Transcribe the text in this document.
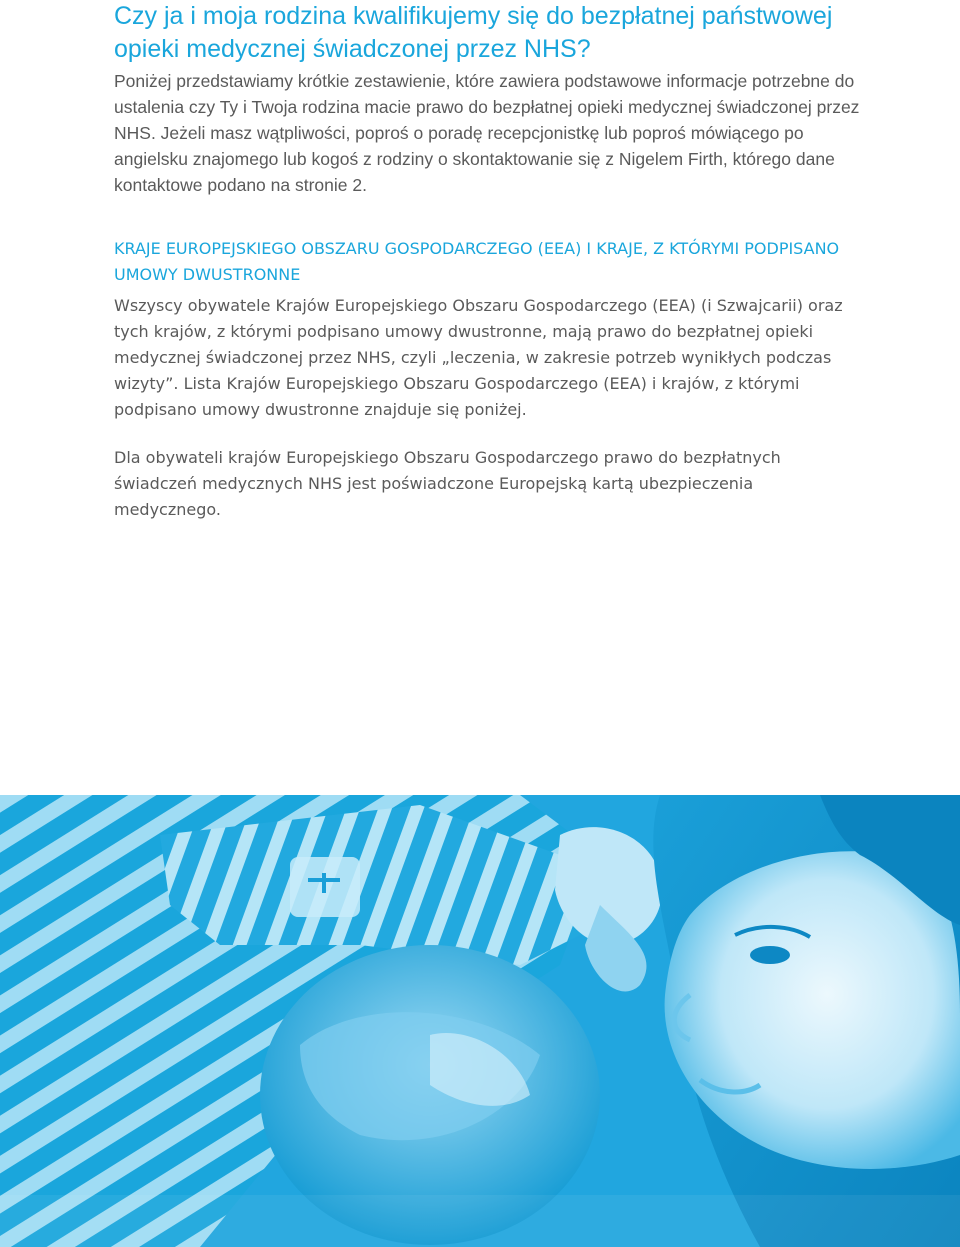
Czy ja i moja rodzina kwalifikujemy się do bezpłatnej państwowej opieki medycznej świadczonej przez NHS?

Poniżej przedstawiamy krótkie zestawienie, które zawiera podstawowe informacje potrzebne do ustalenia czy Ty i Twoja rodzina macie prawo do bezpłatnej opieki medycznej świadczonej przez NHS. Jeżeli masz wątpliwości, poproś o poradę recepcjonistkę lub poproś mówiącego po angielsku znajomego lub kogoś z rodziny o skontaktowanie się z Nigelem Firth, którego dane kontaktowe podano na stronie 2.

KRAJE EUROPEJSKIEGO OBSZARU GOSPODARCZEGO (EEA) I KRAJE, Z KTÓRYMI PODPISANO UMOWY DWUSTRONNE

Wszyscy obywatele Krajów Europejskiego Obszaru Gospodarczego (EEA) (i Szwajcarii) oraz tych krajów, z którymi podpisano umowy dwustronne, mają prawo do bezpłatnej opieki medycznej świadczonej przez NHS, czyli „leczenia, w zakresie potrzeb wynikłych podczas wizyty”. Lista Krajów Europejskiego Obszaru Gospodarczego (EEA) i krajów, z którymi podpisano umowy dwustronne znajduje się poniżej.

Dla obywateli krajów Europejskiego Obszaru Gospodarczego prawo do bezpłatnych świadczeń medycznych NHS jest poświadczone Europejską kartą ubezpieczenia medycznego.
